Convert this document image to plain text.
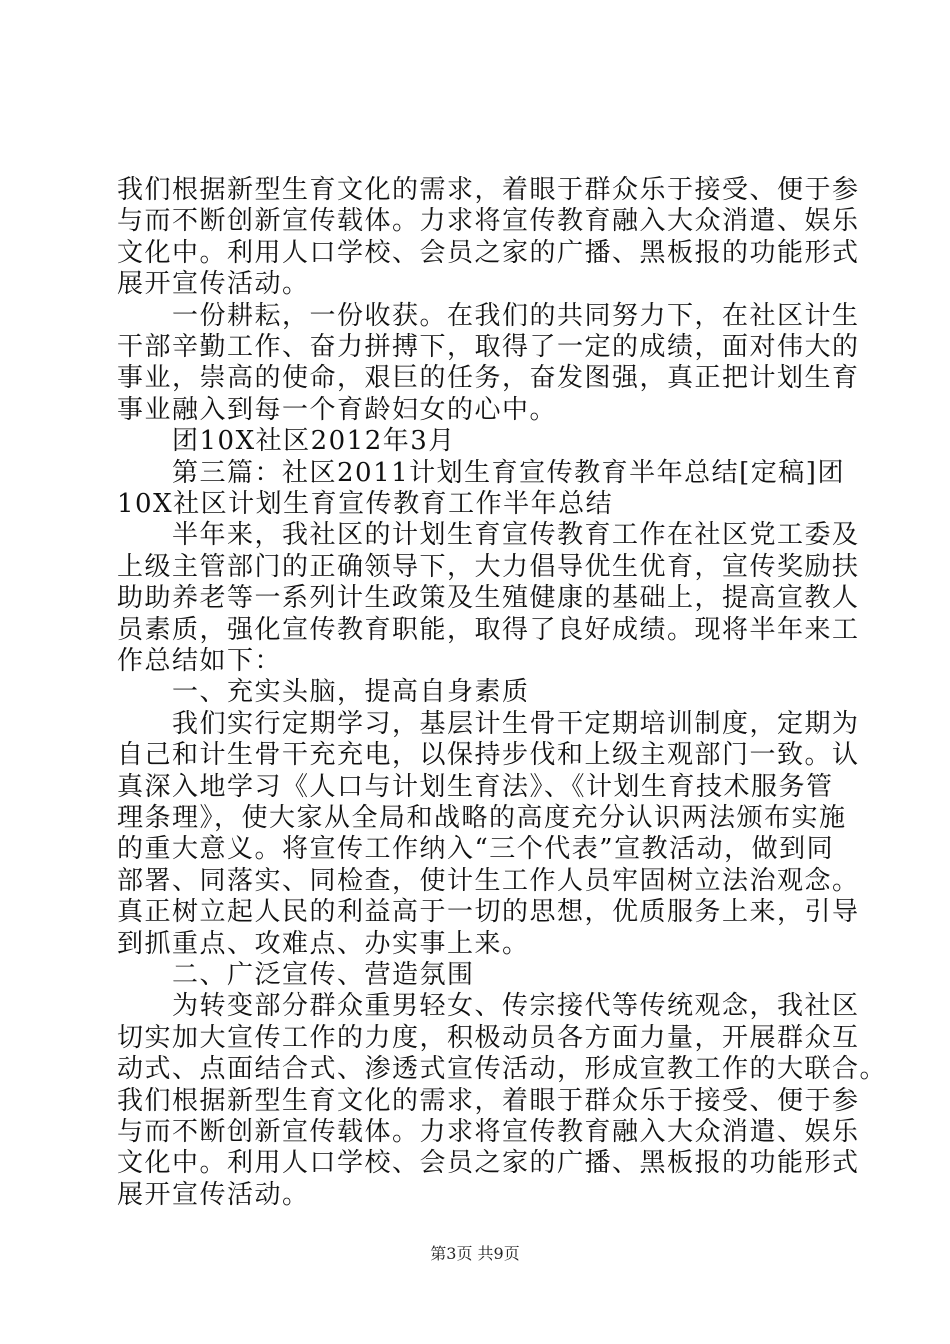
我们根据新型生育文化的需求，着眼于群众乐于接受、便于参
与而不断创新宣传载体。力求将宣传教育融入大众消遣、娱乐
文化中。利用人口学校、会员之家的广播、黑板报的功能形式
展开宣传活动。
　　一份耕耘，一份收获。在我们的共同努力下，在社区计生
干部辛勤工作、奋力拼搏下，取得了一定的成绩，面对伟大的
事业，崇高的使命，艰巨的任务，奋发图强，真正把计划生育
事业融入到每一个育龄妇女的心中。
　　团10X社区2012年3月
　　第三篇：社区2011计划生育宣传教育半年总结[定稿]团
10X社区计划生育宣传教育工作半年总结
　　半年来，我社区的计划生育宣传教育工作在社区党工委及
上级主管部门的正确领导下，大力倡导优生优育，宣传奖励扶
助助养老等一系列计生政策及生殖健康的基础上，提高宣教人
员素质，强化宣传教育职能，取得了良好成绩。现将半年来工
作总结如下：
　　一、充实头脑，提高自身素质
　　我们实行定期学习，基层计生骨干定期培训制度，定期为
自己和计生骨干充充电，以保持步伐和上级主观部门一致。认
真深入地学习《人口与计划生育法》、《计划生育技术服务管
理条理》，使大家从全局和战略的高度充分认识两法颁布实施
的重大意义。将宣传工作纳入“三个代表”宣教活动，做到同
部署、同落实、同检查，使计生工作人员牢固树立法治观念。
真正树立起人民的利益高于一切的思想，优质服务上来，引导
到抓重点、攻难点、办实事上来。
　　二、广泛宣传、营造氛围
　　为转变部分群众重男轻女、传宗接代等传统观念，我社区
切实加大宣传工作的力度，积极动员各方面力量，开展群众互
动式、点面结合式、渗透式宣传活动，形成宣教工作的大联合。
我们根据新型生育文化的需求，着眼于群众乐于接受、便于参
与而不断创新宣传载体。力求将宣传教育融入大众消遣、娱乐
文化中。利用人口学校、会员之家的广播、黑板报的功能形式
展开宣传活动。
第3页 共9页
